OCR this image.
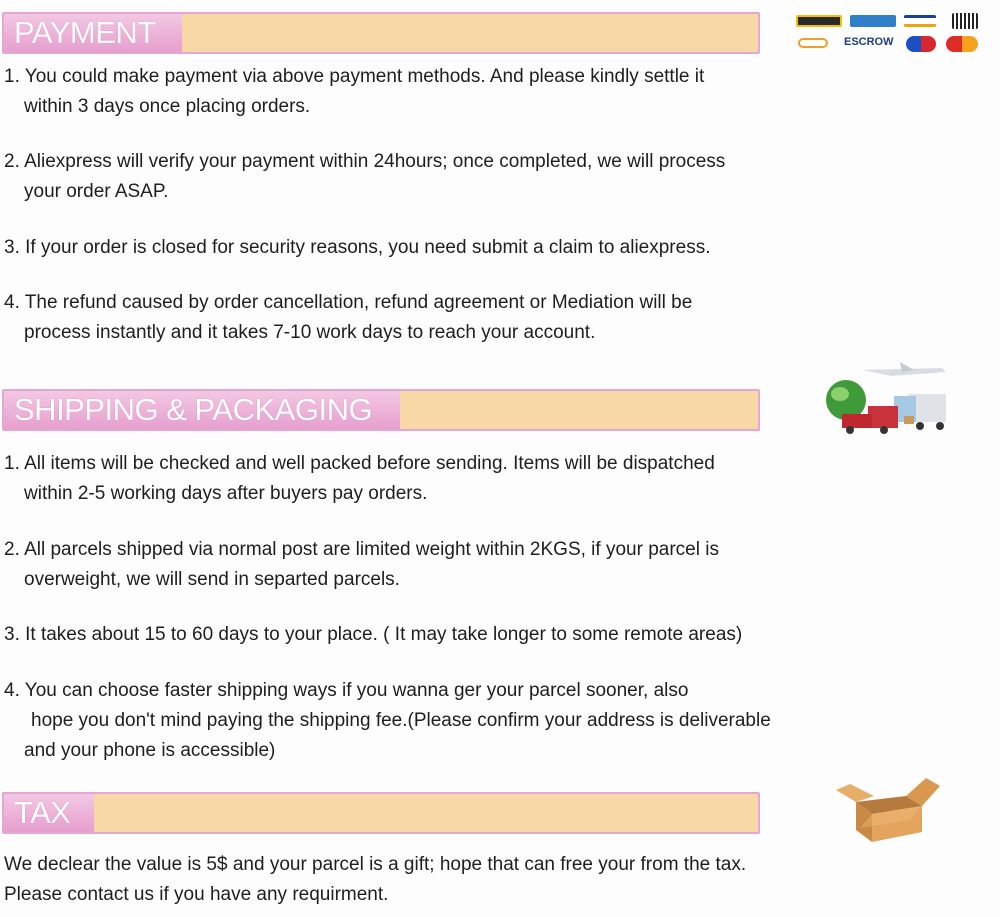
PAYMENT	ESCROW
1. You could make payment via above payment methods. And please kindly settle it
within 3 days once placing orders.
2. Aliexpress will verify your payment within 24hours; once completed, we will process
your order ASAP.
3. If your order is closed for security reasons, you need submit a claim to aliexpress.
4. The refund caused by order cancellation, refund agreement or Mediation will be
process instantly and it takes 7-10 work days to reach your account.
SHIPPING & PACKAGING
1. All items will be checked and well packed before sending. Items will be dispatched
within 2-5 working days after buyers pay orders.
2. All parcels shipped via normal post are limited weight within 2KGS, if your parcel is
overweight, we will send in separted parcels.
3. It takes about 15 to 60 days to your place. ( It may take longer to some remote areas)
4. You can choose faster shipping ways if you wanna ger your parcel sooner, also
hope you don't mind paying the shipping fee.(Please confirm your address is deliverable
and your phone is accessible)
TAX
We declear the value is 5$ and your parcel is a gift; hope that can free your from the tax.
Please contact us if you have any requirment.
